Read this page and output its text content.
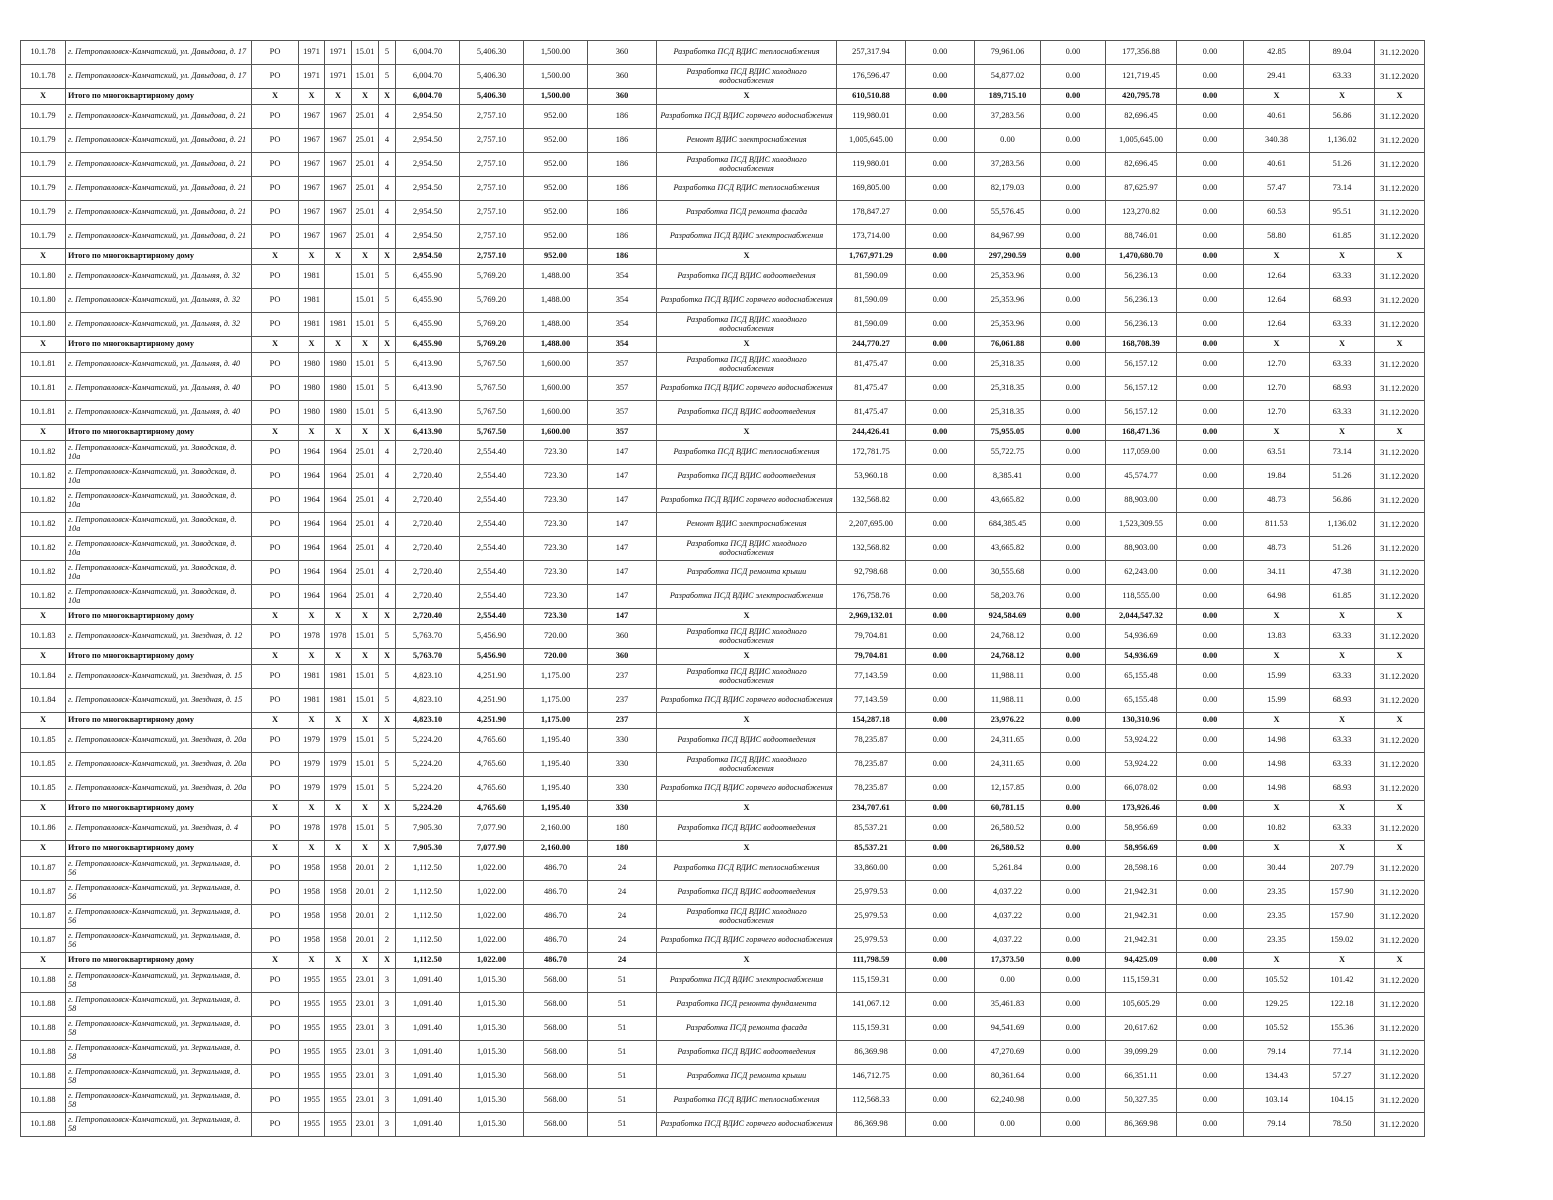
10.1.78	г. Петропавловск-Камчатский, ул. Давыдова, д. 17	РО	1971	1971	15.01	5	6,004.70	5,406.30	1,500.00	360	Разработка ПСД ВДИС теплоснабжения	257,317.94	0.00	79,961.06	0.00	177,356.88	0.00	42.85	89.04	31.12.2020
10.1.78	г. Петропавловск-Камчатский, ул. Давыдова, д. 17	РО	1971	1971	15.01	5	6,004.70	5,406.30	1,500.00	360	Разработка ПСД ВДИС холодного водоснабжения	176,596.47	0.00	54,877.02	0.00	121,719.45	0.00	29.41	63.33	31.12.2020
X	Итого по многоквартирному дому	X	X	X	X	X	6,004.70	5,406.30	1,500.00	360	X	610,510.88	0.00	189,715.10	0.00	420,795.78	0.00	X	X	X
10.1.79	г. Петропавловск-Камчатский, ул. Давыдова, д. 21	РО	1967	1967	25.01	4	2,954.50	2,757.10	952.00	186	Разработка ПСД ВДИС горячего водоснабжения	119,980.01	0.00	37,283.56	0.00	82,696.45	0.00	40.61	56.86	31.12.2020
10.1.79	г. Петропавловск-Камчатский, ул. Давыдова, д. 21	РО	1967	1967	25.01	4	2,954.50	2,757.10	952.00	186	Ремонт ВДИС электроснабжения	1,005,645.00	0.00	0.00	0.00	1,005,645.00	0.00	340.38	1,136.02	31.12.2020
10.1.79	г. Петропавловск-Камчатский, ул. Давыдова, д. 21	РО	1967	1967	25.01	4	2,954.50	2,757.10	952.00	186	Разработка ПСД ВДИС холодного водоснабжения	119,980.01	0.00	37,283.56	0.00	82,696.45	0.00	40.61	51.26	31.12.2020
10.1.79	г. Петропавловск-Камчатский, ул. Давыдова, д. 21	РО	1967	1967	25.01	4	2,954.50	2,757.10	952.00	186	Разработка ПСД ВДИС теплоснабжения	169,805.00	0.00	82,179.03	0.00	87,625.97	0.00	57.47	73.14	31.12.2020
10.1.79	г. Петропавловск-Камчатский, ул. Давыдова, д. 21	РО	1967	1967	25.01	4	2,954.50	2,757.10	952.00	186	Разработка ПСД ремонта фасада	178,847.27	0.00	55,576.45	0.00	123,270.82	0.00	60.53	95.51	31.12.2020
10.1.79	г. Петропавловск-Камчатский, ул. Давыдова, д. 21	РО	1967	1967	25.01	4	2,954.50	2,757.10	952.00	186	Разработка ПСД ВДИС электроснабжения	173,714.00	0.00	84,967.99	0.00	88,746.01	0.00	58.80	61.85	31.12.2020
X	Итого по многоквартирному дому	X	X	X	X	X	2,954.50	2,757.10	952.00	186	X	1,767,971.29	0.00	297,290.59	0.00	1,470,680.70	0.00	X	X	X
10.1.80	г. Петропавловск-Камчатский, ул. Дальняя, д. 32	РО	1981		15.01	5	6,455.90	5,769.20	1,488.00	354	Разработка ПСД ВДИС водоотведения	81,590.09	0.00	25,353.96	0.00	56,236.13	0.00	12.64	63.33	31.12.2020
10.1.80	г. Петропавловск-Камчатский, ул. Дальняя, д. 32	РО	1981		15.01	5	6,455.90	5,769.20	1,488.00	354	Разработка ПСД ВДИС горячего водоснабжения	81,590.09	0.00	25,353.96	0.00	56,236.13	0.00	12.64	68.93	31.12.2020
10.1.80	г. Петропавловск-Камчатский, ул. Дальняя, д. 32	РО	1981	1981	15.01	5	6,455.90	5,769.20	1,488.00	354	Разработка ПСД ВДИС холодного водоснабжения	81,590.09	0.00	25,353.96	0.00	56,236.13	0.00	12.64	63.33	31.12.2020
X	Итого по многоквартирному дому	X	X	X	X	X	6,455.90	5,769.20	1,488.00	354	X	244,770.27	0.00	76,061.88	0.00	168,708.39	0.00	X	X	X
10.1.81	г. Петропавловск-Камчатский, ул. Дальняя, д. 40	РО	1980	1980	15.01	5	6,413.90	5,767.50	1,600.00	357	Разработка ПСД ВДИС холодного водоснабжения	81,475.47	0.00	25,318.35	0.00	56,157.12	0.00	12.70	63.33	31.12.2020
10.1.81	г. Петропавловск-Камчатский, ул. Дальняя, д. 40	РО	1980	1980	15.01	5	6,413.90	5,767.50	1,600.00	357	Разработка ПСД ВДИС горячего водоснабжения	81,475.47	0.00	25,318.35	0.00	56,157.12	0.00	12.70	68.93	31.12.2020
10.1.81	г. Петропавловск-Камчатский, ул. Дальняя, д. 40	РО	1980	1980	15.01	5	6,413.90	5,767.50	1,600.00	357	Разработка ПСД ВДИС водоотведения	81,475.47	0.00	25,318.35	0.00	56,157.12	0.00	12.70	63.33	31.12.2020
X	Итого по многоквартирному дому	X	X	X	X	X	6,413.90	5,767.50	1,600.00	357	X	244,426.41	0.00	75,955.05	0.00	168,471.36	0.00	X	X	X
10.1.82	г. Петропавловск-Камчатский, ул. Заводская, д. 10а	РО	1964	1964	25.01	4	2,720.40	2,554.40	723.30	147	Разработка ПСД ВДИС теплоснабжения	172,781.75	0.00	55,722.75	0.00	117,059.00	0.00	63.51	73.14	31.12.2020
10.1.82	г. Петропавловск-Камчатский, ул. Заводская, д. 10а	РО	1964	1964	25.01	4	2,720.40	2,554.40	723.30	147	Разработка ПСД ВДИС водоотведения	53,960.18	0.00	8,385.41	0.00	45,574.77	0.00	19.84	51.26	31.12.2020
10.1.82	г. Петропавловск-Камчатский, ул. Заводская, д. 10а	РО	1964	1964	25.01	4	2,720.40	2,554.40	723.30	147	Разработка ПСД ВДИС горячего водоснабжения	132,568.82	0.00	43,665.82	0.00	88,903.00	0.00	48.73	56.86	31.12.2020
10.1.82	г. Петропавловск-Камчатский, ул. Заводская, д. 10а	РО	1964	1964	25.01	4	2,720.40	2,554.40	723.30	147	Ремонт ВДИС электроснабжения	2,207,695.00	0.00	684,385.45	0.00	1,523,309.55	0.00	811.53	1,136.02	31.12.2020
10.1.82	г. Петропавловск-Камчатский, ул. Заводская, д. 10а	РО	1964	1964	25.01	4	2,720.40	2,554.40	723.30	147	Разработка ПСД ВДИС холодного водоснабжения	132,568.82	0.00	43,665.82	0.00	88,903.00	0.00	48.73	51.26	31.12.2020
10.1.82	г. Петропавловск-Камчатский, ул. Заводская, д. 10а	РО	1964	1964	25.01	4	2,720.40	2,554.40	723.30	147	Разработка ПСД ремонта крыши	92,798.68	0.00	30,555.68	0.00	62,243.00	0.00	34.11	47.38	31.12.2020
10.1.82	г. Петропавловск-Камчатский, ул. Заводская, д. 10а	РО	1964	1964	25.01	4	2,720.40	2,554.40	723.30	147	Разработка ПСД ВДИС электроснабжения	176,758.76	0.00	58,203.76	0.00	118,555.00	0.00	64.98	61.85	31.12.2020
X	Итого по многоквартирному дому	X	X	X	X	X	2,720.40	2,554.40	723.30	147	X	2,969,132.01	0.00	924,584.69	0.00	2,044,547.32	0.00	X	X	X
10.1.83	г. Петропавловск-Камчатский, ул. Звездная, д. 12	РО	1978	1978	15.01	5	5,763.70	5,456.90	720.00	360	Разработка ПСД ВДИС холодного водоснабжения	79,704.81	0.00	24,768.12	0.00	54,936.69	0.00	13.83	63.33	31.12.2020
X	Итого по многоквартирному дому	X	X	X	X	X	5,763.70	5,456.90	720.00	360	X	79,704.81	0.00	24,768.12	0.00	54,936.69	0.00	X	X	X
10.1.84	г. Петропавловск-Камчатский, ул. Звездная, д. 15	РО	1981	1981	15.01	5	4,823.10	4,251.90	1,175.00	237	Разработка ПСД ВДИС холодного водоснабжения	77,143.59	0.00	11,988.11	0.00	65,155.48	0.00	15.99	63.33	31.12.2020
10.1.84	г. Петропавловск-Камчатский, ул. Звездная, д. 15	РО	1981	1981	15.01	5	4,823.10	4,251.90	1,175.00	237	Разработка ПСД ВДИС горячего водоснабжения	77,143.59	0.00	11,988.11	0.00	65,155.48	0.00	15.99	68.93	31.12.2020
X	Итого по многоквартирному дому	X	X	X	X	X	4,823.10	4,251.90	1,175.00	237	X	154,287.18	0.00	23,976.22	0.00	130,310.96	0.00	X	X	X
10.1.85	г. Петропавловск-Камчатский, ул. Звездная, д. 20а	РО	1979	1979	15.01	5	5,224.20	4,765.60	1,195.40	330	Разработка ПСД ВДИС водоотведения	78,235.87	0.00	24,311.65	0.00	53,924.22	0.00	14.98	63.33	31.12.2020
10.1.85	г. Петропавловск-Камчатский, ул. Звездная, д. 20а	РО	1979	1979	15.01	5	5,224.20	4,765.60	1,195.40	330	Разработка ПСД ВДИС холодного водоснабжения	78,235.87	0.00	24,311.65	0.00	53,924.22	0.00	14.98	63.33	31.12.2020
10.1.85	г. Петропавловск-Камчатский, ул. Звездная, д. 20а	РО	1979	1979	15.01	5	5,224.20	4,765.60	1,195.40	330	Разработка ПСД ВДИС горячего водоснабжения	78,235.87	0.00	12,157.85	0.00	66,078.02	0.00	14.98	68.93	31.12.2020
X	Итого по многоквартирному дому	X	X	X	X	X	5,224.20	4,765.60	1,195.40	330	X	234,707.61	0.00	60,781.15	0.00	173,926.46	0.00	X	X	X
10.1.86	г. Петропавловск-Камчатский, ул. Звездная, д. 4	РО	1978	1978	15.01	5	7,905.30	7,077.90	2,160.00	180	Разработка ПСД ВДИС водоотведения	85,537.21	0.00	26,580.52	0.00	58,956.69	0.00	10.82	63.33	31.12.2020
X	Итого по многоквартирному дому	X	X	X	X	X	7,905.30	7,077.90	2,160.00	180	X	85,537.21	0.00	26,580.52	0.00	58,956.69	0.00	X	X	X
10.1.87	г. Петропавловск-Камчатский, ул. Зеркальная, д. 56	РО	1958	1958	20.01	2	1,112.50	1,022.00	486.70	24	Разработка ПСД ВДИС теплоснабжения	33,860.00	0.00	5,261.84	0.00	28,598.16	0.00	30.44	207.79	31.12.2020
10.1.87	г. Петропавловск-Камчатский, ул. Зеркальная, д. 56	РО	1958	1958	20.01	2	1,112.50	1,022.00	486.70	24	Разработка ПСД ВДИС водоотведения	25,979.53	0.00	4,037.22	0.00	21,942.31	0.00	23.35	157.90	31.12.2020
10.1.87	г. Петропавловск-Камчатский, ул. Зеркальная, д. 56	РО	1958	1958	20.01	2	1,112.50	1,022.00	486.70	24	Разработка ПСД ВДИС холодного водоснабжения	25,979.53	0.00	4,037.22	0.00	21,942.31	0.00	23.35	157.90	31.12.2020
10.1.87	г. Петропавловск-Камчатский, ул. Зеркальная, д. 56	РО	1958	1958	20.01	2	1,112.50	1,022.00	486.70	24	Разработка ПСД ВДИС горячего водоснабжения	25,979.53	0.00	4,037.22	0.00	21,942.31	0.00	23.35	159.02	31.12.2020
X	Итого по многоквартирному дому	X	X	X	X	X	1,112.50	1,022.00	486.70	24	X	111,798.59	0.00	17,373.50	0.00	94,425.09	0.00	X	X	X
10.1.88	г. Петропавловск-Камчатский, ул. Зеркальная, д. 58	РО	1955	1955	23.01	3	1,091.40	1,015.30	568.00	51	Разработка ПСД ВДИС электроснабжения	115,159.31	0.00	0.00	0.00	115,159.31	0.00	105.52	101.42	31.12.2020
10.1.88	г. Петропавловск-Камчатский, ул. Зеркальная, д. 58	РО	1955	1955	23.01	3	1,091.40	1,015.30	568.00	51	Разработка ПСД ремонта фундамента	141,067.12	0.00	35,461.83	0.00	105,605.29	0.00	129.25	122.18	31.12.2020
10.1.88	г. Петропавловск-Камчатский, ул. Зеркальная, д. 58	РО	1955	1955	23.01	3	1,091.40	1,015.30	568.00	51	Разработка ПСД ремонта фасада	115,159.31	0.00	94,541.69	0.00	20,617.62	0.00	105.52	155.36	31.12.2020
10.1.88	г. Петропавловск-Камчатский, ул. Зеркальная, д. 58	РО	1955	1955	23.01	3	1,091.40	1,015.30	568.00	51	Разработка ПСД ВДИС водоотведения	86,369.98	0.00	47,270.69	0.00	39,099.29	0.00	79.14	77.14	31.12.2020
10.1.88	г. Петропавловск-Камчатский, ул. Зеркальная, д. 58	РО	1955	1955	23.01	3	1,091.40	1,015.30	568.00	51	Разработка ПСД ремонта крыши	146,712.75	0.00	80,361.64	0.00	66,351.11	0.00	134.43	57.27	31.12.2020
10.1.88	г. Петропавловск-Камчатский, ул. Зеркальная, д. 58	РО	1955	1955	23.01	3	1,091.40	1,015.30	568.00	51	Разработка ПСД ВДИС теплоснабжения	112,568.33	0.00	62,240.98	0.00	50,327.35	0.00	103.14	104.15	31.12.2020
10.1.88	г. Петропавловск-Камчатский, ул. Зеркальная, д. 58	РО	1955	1955	23.01	3	1,091.40	1,015.30	568.00	51	Разработка ПСД ВДИС горячего водоснабжения	86,369.98	0.00	0.00	0.00	86,369.98	0.00	79.14	78.50	31.12.2020
